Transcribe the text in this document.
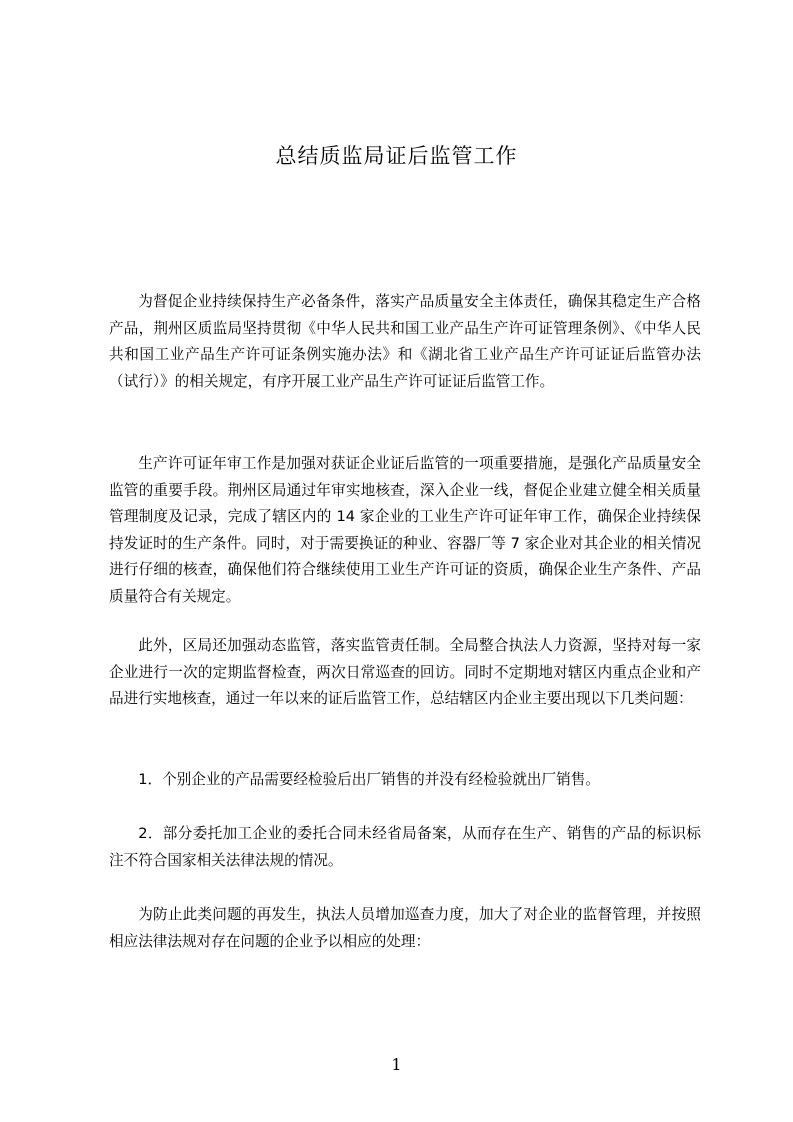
总结质监局证后监管工作

为督促企业持续保持生产必备条件，落实产品质量安全主体责任，确保其稳定生产合格产品，荆州区质监局坚持贯彻《中华人民共和国工业产品生产许可证管理条例》、《中华人民共和国工业产品生产许可证条例实施办法》和《湖北省工业产品生产许可证证后监管办法（试行）》的相关规定，有序开展工业产品生产许可证证后监管工作。

生产许可证年审工作是加强对获证企业证后监管的一项重要措施，是强化产品质量安全监管的重要手段。荆州区局通过年审实地核查，深入企业一线，督促企业建立健全相关质量管理制度及记录，完成了辖区内的 14 家企业的工业生产许可证年审工作，确保企业持续保持发证时的生产条件。同时，对于需要换证的种业、容器厂等 7 家企业对其企业的相关情况进行仔细的核查，确保他们符合继续使用工业生产许可证的资质，确保企业生产条件、产品质量符合有关规定。

此外，区局还加强动态监管，落实监管责任制。全局整合执法人力资源，坚持对每一家企业进行一次的定期监督检查，两次日常巡查的回访。同时不定期地对辖区内重点企业和产品进行实地核查，通过一年以来的证后监管工作，总结辖区内企业主要出现以下几类问题：

1．个别企业的产品需要经检验后出厂销售的并没有经检验就出厂销售。

2．部分委托加工企业的委托合同未经省局备案，从而存在生产、销售的产品的标识标注不符合国家相关法律法规的情况。

为防止此类问题的再发生，执法人员增加巡查力度，加大了对企业的监督管理，并按照相应法律法规对存在问题的企业予以相应的处理：

1
